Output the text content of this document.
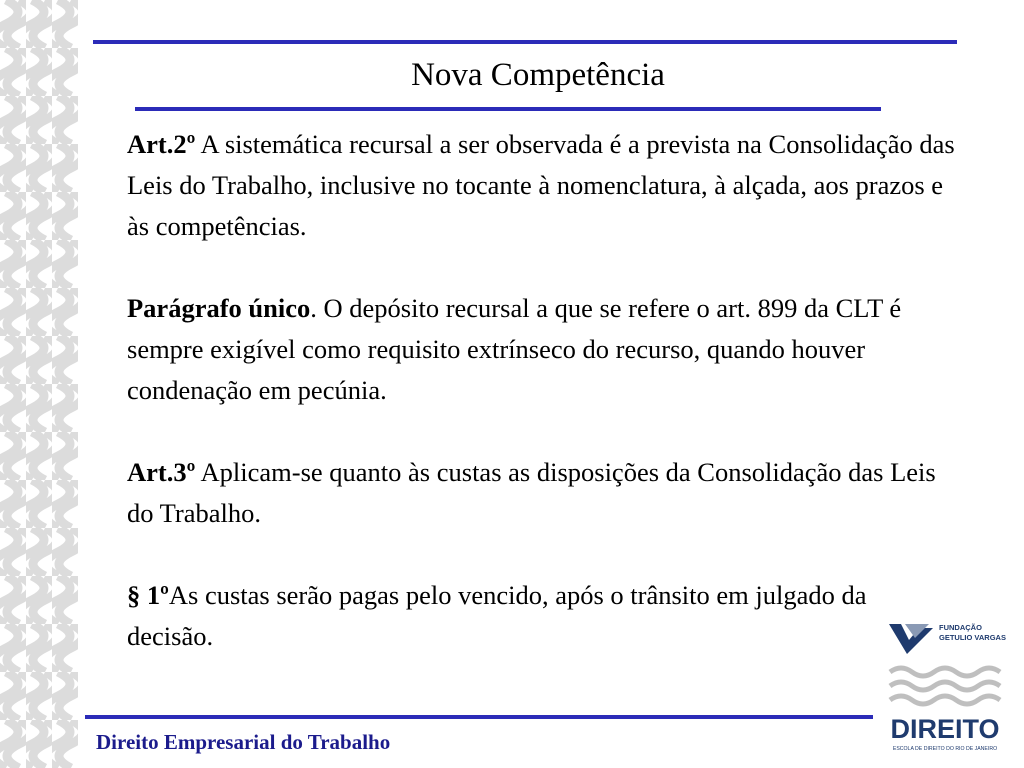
Nova Competência

Art.2º A sistemática recursal a ser observada é a prevista na Consolidação das Leis do Trabalho, inclusive no tocante à nomenclatura, à alçada, aos prazos e às competências.

Parágrafo único. O depósito recursal a que se refere o art. 899 da CLT é sempre exigível como requisito extrínseco do recurso, quando houver condenação em pecúnia.

Art.3º Aplicam-se quanto às custas as disposições da Consolidação das Leis do Trabalho.

§ 1ºAs custas serão pagas pelo vencido, após o trânsito em julgado da decisão.

Direito Empresarial do Trabalho
FUNDAÇÃO
GETULIO VARGAS
DIREITO
ESCOLA DE DIREITO DO RIO DE JANEIRO
